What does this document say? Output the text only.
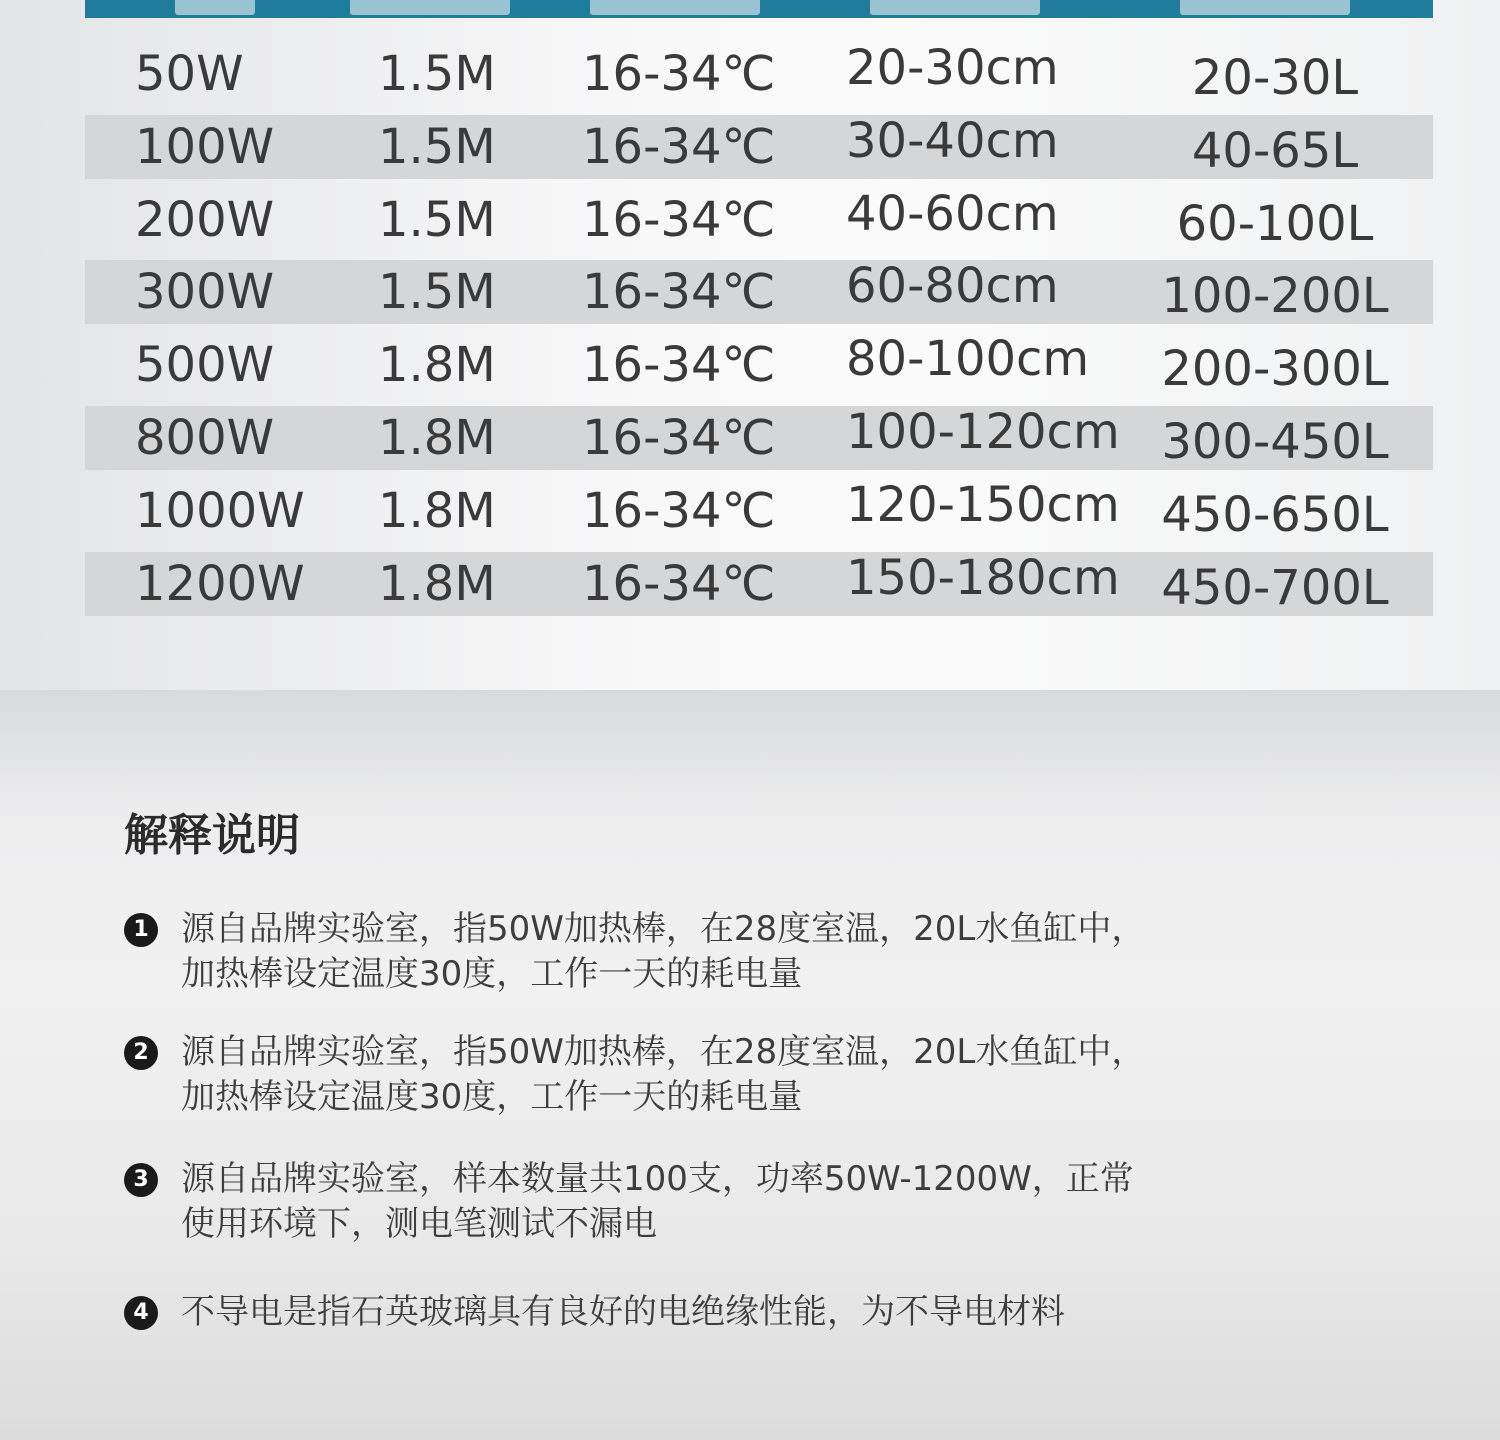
50W	1.5M 16-34℃ 20-30cm	20-30L
100W 1.5M 16-34℃ 30-40cm	40-65L
200W 1.5M 16-34℃ 40-60cm	60-100L
300W 1.5M 16-34℃ 60-80cm	100-200L
500W 1.8M 16-34℃ 80-100cm	200-300L
800W 1.8M 16-34℃ 100-120cm 300-450L
1000W 1.8M 16-34℃ 120-150cm 450-650L
1200W 1.8M 16-34℃ 150-180cm 450-700L
解释说明
1 源自品牌实验室，指50W加热棒，在28度室温，20L水鱼缸中，

加热棒设定温度30度，工作一天的耗电量

2 源自品牌实验室，指50W加热棒，在28度室温，20L水鱼缸中，

加热棒设定温度30度，工作一天的耗电量

3 源自品牌实验室，样本数量共100支，功率50W-1200W，正常

使用环境下，测电笔测试不漏电

4 不导电是指石英玻璃具有良好的电绝缘性能，为不导电材料
